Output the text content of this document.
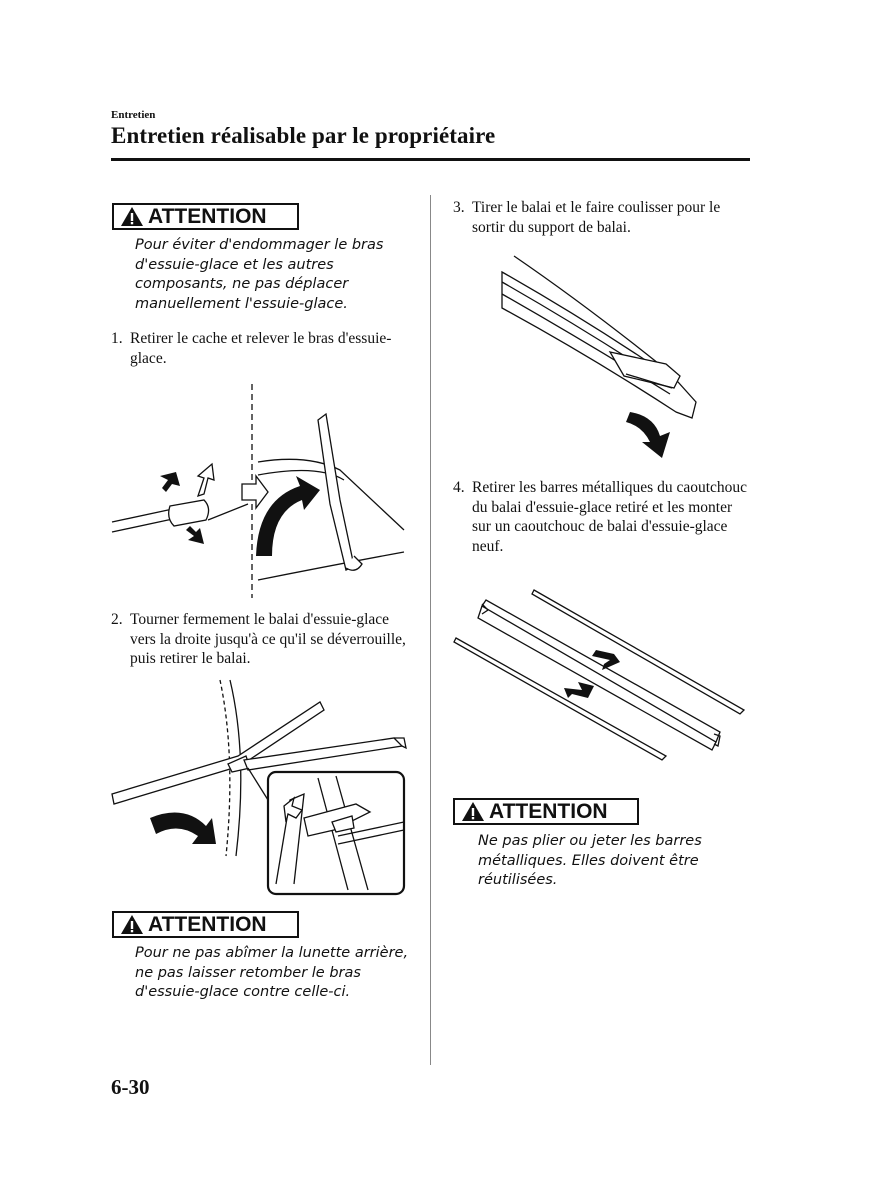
Entretien
Entretien réalisable par le propriétaire
ATTENTION
Pour éviter d'endommager le bras d'essuie-glace et les autres composants, ne pas déplacer manuellement l'essuie-glace.
1. Retirer le cache et relever le bras d'essuie-glace.
2. Tourner fermement le balai d'essuie-glace vers la droite jusqu'à ce qu'il se déverrouille, puis retirer le balai.
ATTENTION
Pour ne pas abîmer la lunette arrière, ne pas laisser retomber le bras d'essuie-glace contre celle-ci.
3. Tirer le balai et le faire coulisser pour le sortir du support de balai.
4. Retirer les barres métalliques du caoutchouc du balai d'essuie-glace retiré et les monter sur un caoutchouc de balai d'essuie-glace neuf.
ATTENTION
Ne pas plier ou jeter les barres métalliques. Elles doivent être réutilisées.
6-30
